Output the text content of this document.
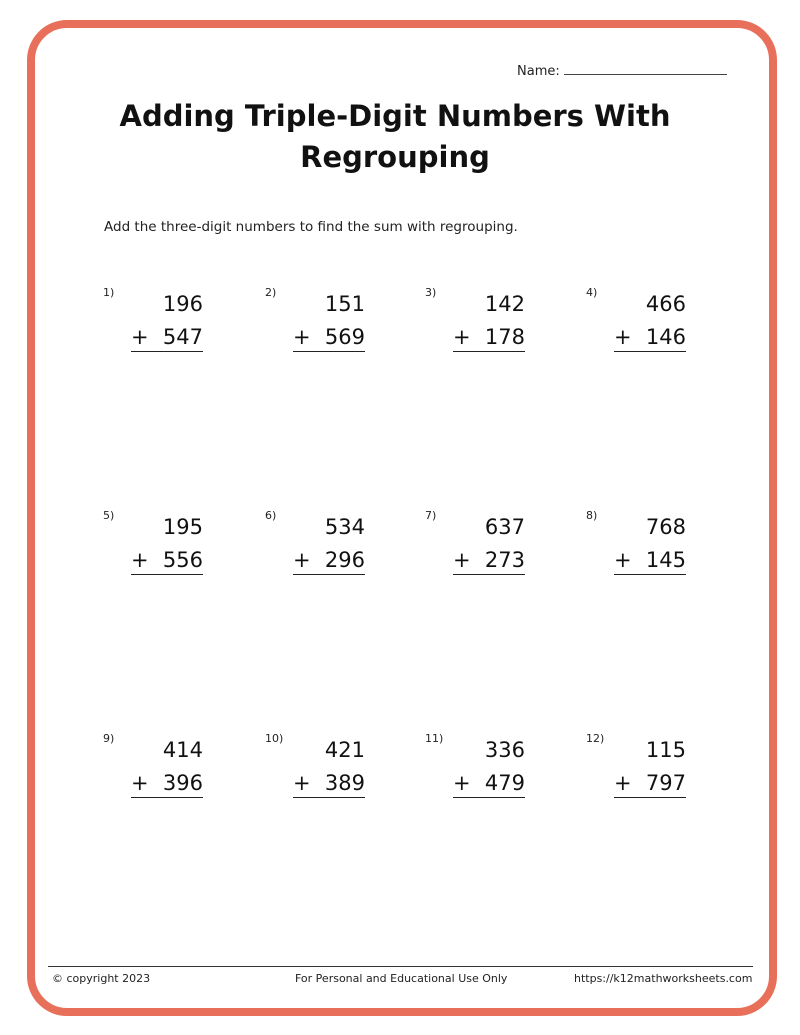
Name:
Adding Triple-Digit Numbers With Regrouping
Add the three-digit numbers to find the sum with regrouping.
1) 196
+ 547
2) 151
+ 569
3) 142
+ 178
4) 466
+ 146
5) 195
+ 556
6) 534
+ 296
7) 637
+ 273
8) 768
+ 145
9) 414
+ 396
10) 421
+ 389
11) 336
+ 479
12) 115
+ 797
© copyright 2023	For Personal and Educational Use Only	https://k12mathworksheets.com
